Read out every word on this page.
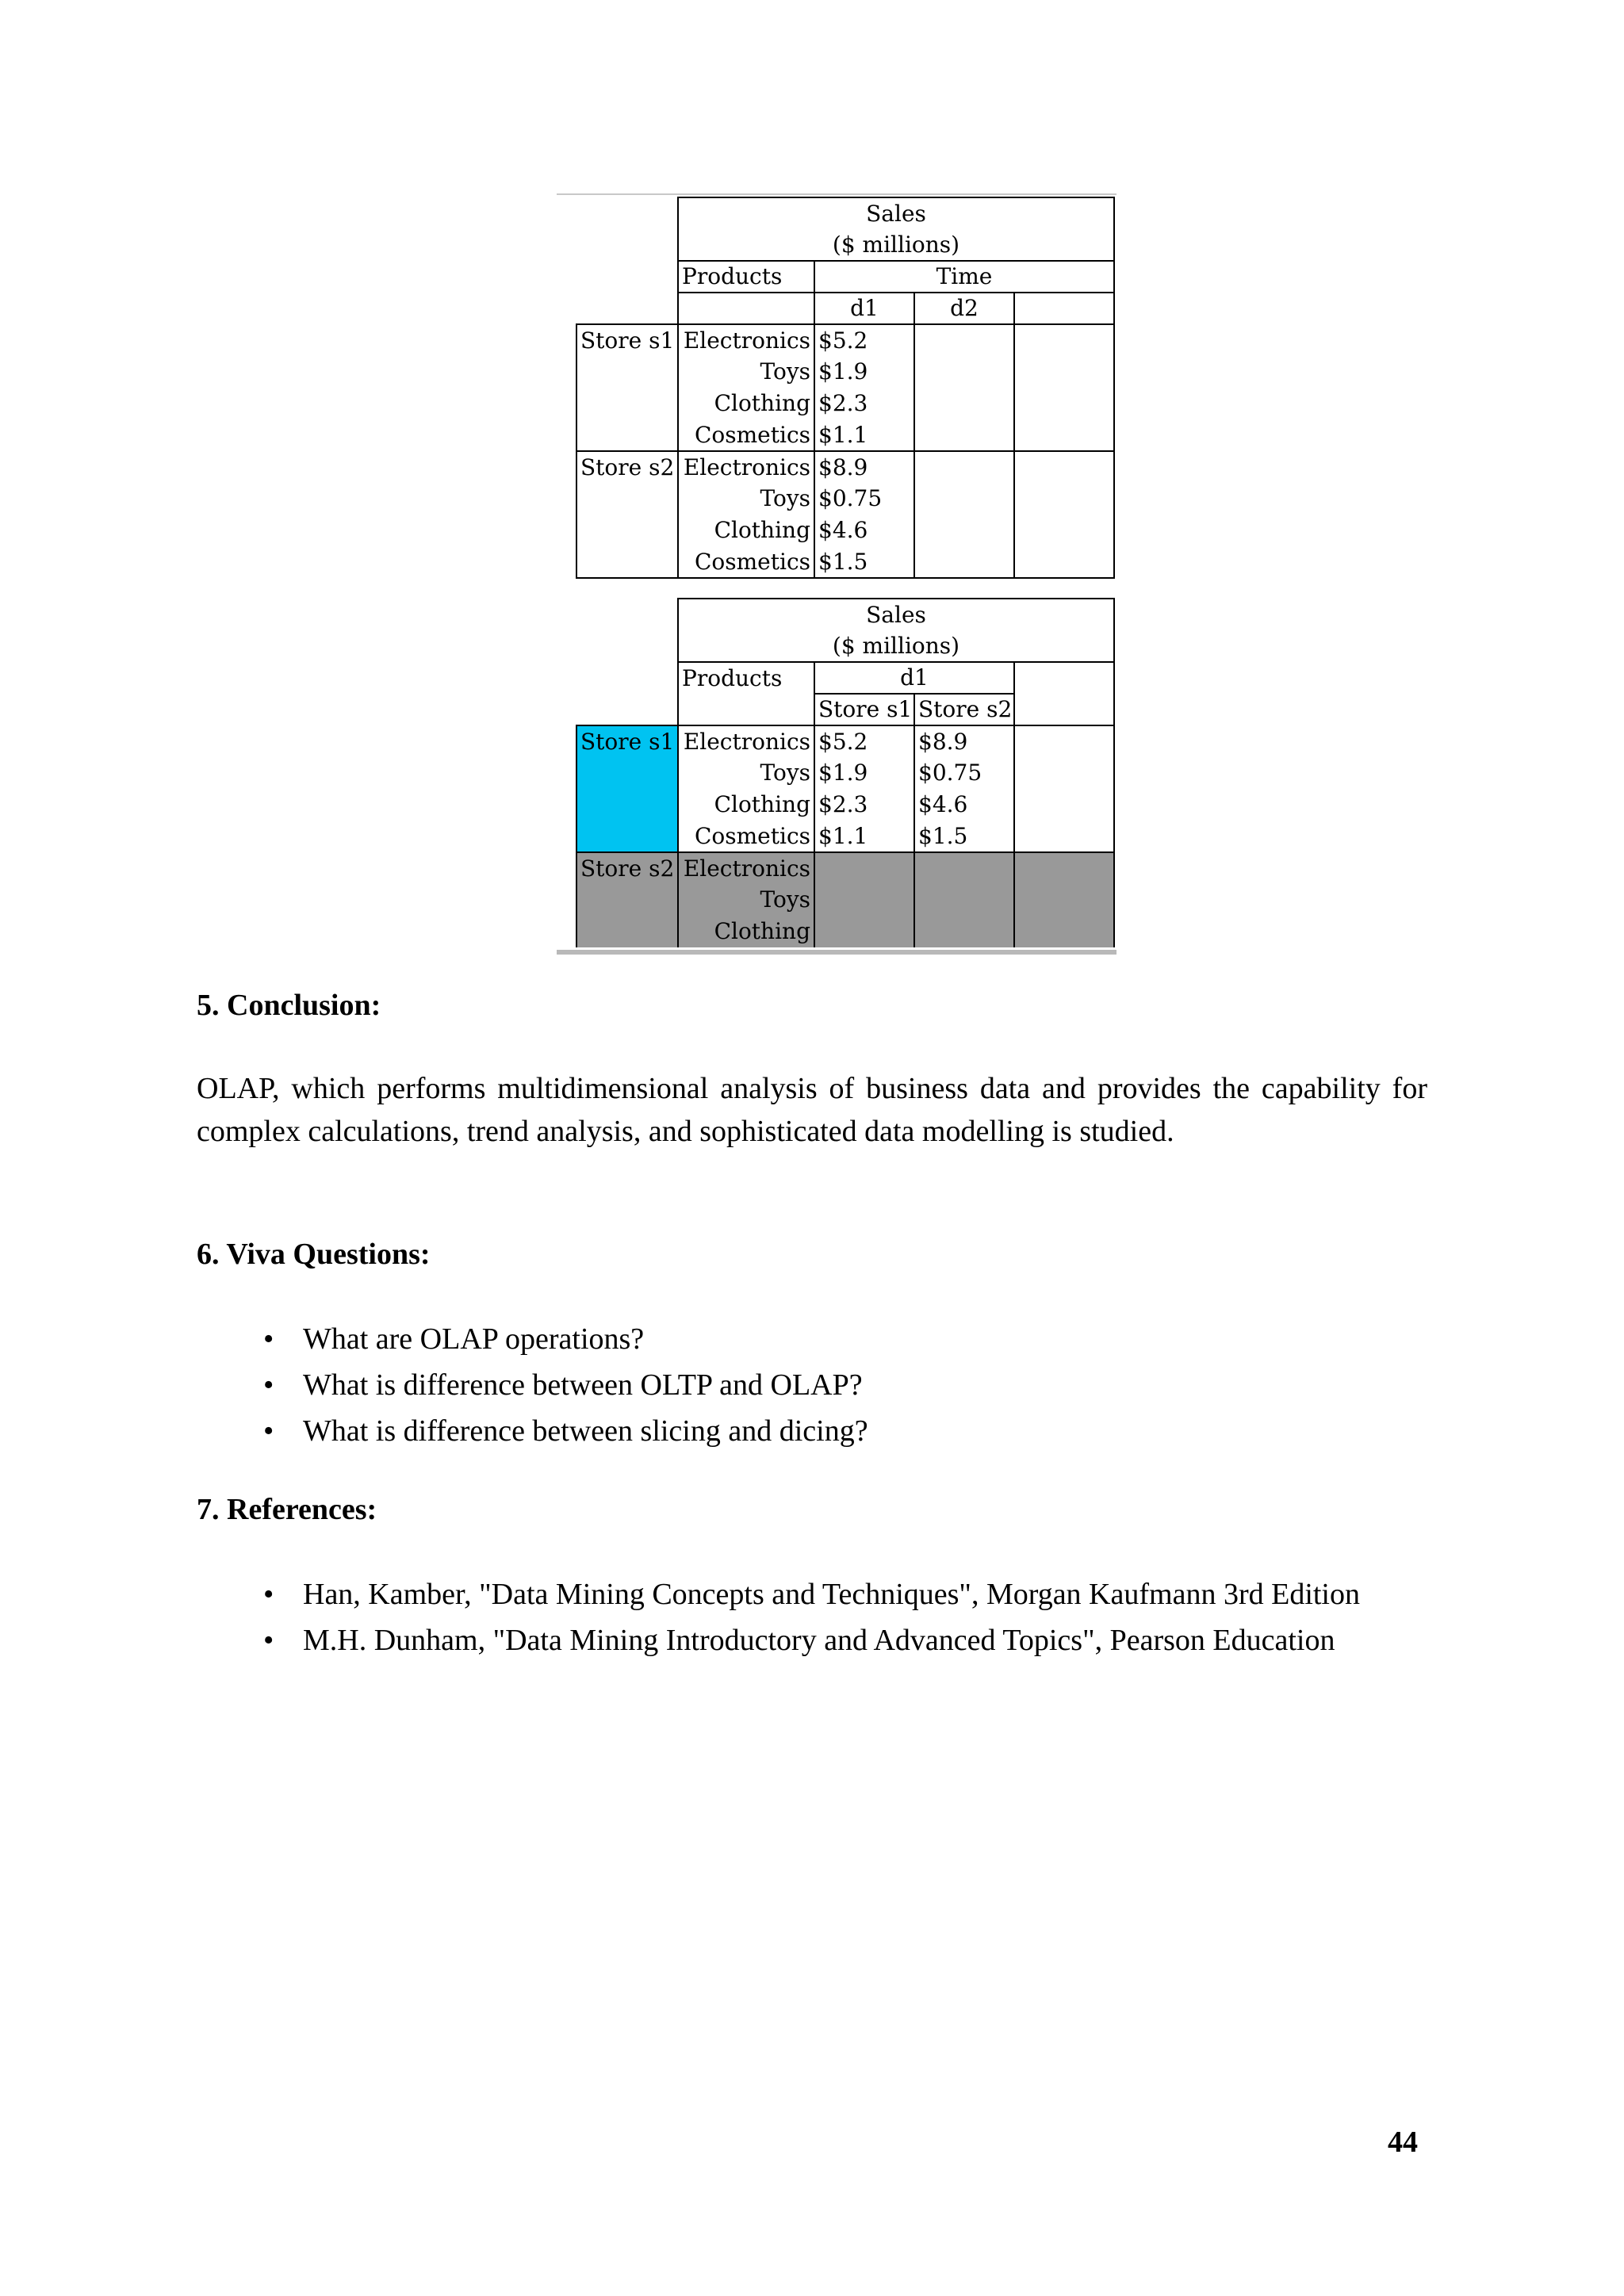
	Sales			
	($ millions)			
	Products	Time		
		d1	d2	
Store s1	Electronics	$5.2		
	Toys	$1.9		
	Clothing	$2.3		
	Cosmetics	$1.1		
Store s2	Electronics	$8.9		
	Toys	$0.75		
	Clothing	$4.6		
	Cosmetics	$1.5		
	Sales			
	($ millions)			
	Products	d1		
		Store s1	Store s2	
Store s1	Electronics	$5.2	$8.9	
	Toys	$1.9	$0.75	
	Clothing	$2.3	$4.6	
	Cosmetics	$1.1	$1.5	
Store s2	Electronics			
	Toys			
	Clothing			
5. Conclusion:
OLAP, which performs multidimensional analysis of business data and provides the capability for complex calculations, trend analysis, and sophisticated data modelling is studied.
6. Viva Questions:
• What are OLAP operations?
• What is difference between OLTP and OLAP?
• What is difference between slicing and dicing?
7. References:
• Han, Kamber, "Data Mining Concepts and Techniques", Morgan Kaufmann 3rd Edition
• M.H. Dunham, "Data Mining Introductory and Advanced Topics", Pearson Education
44
